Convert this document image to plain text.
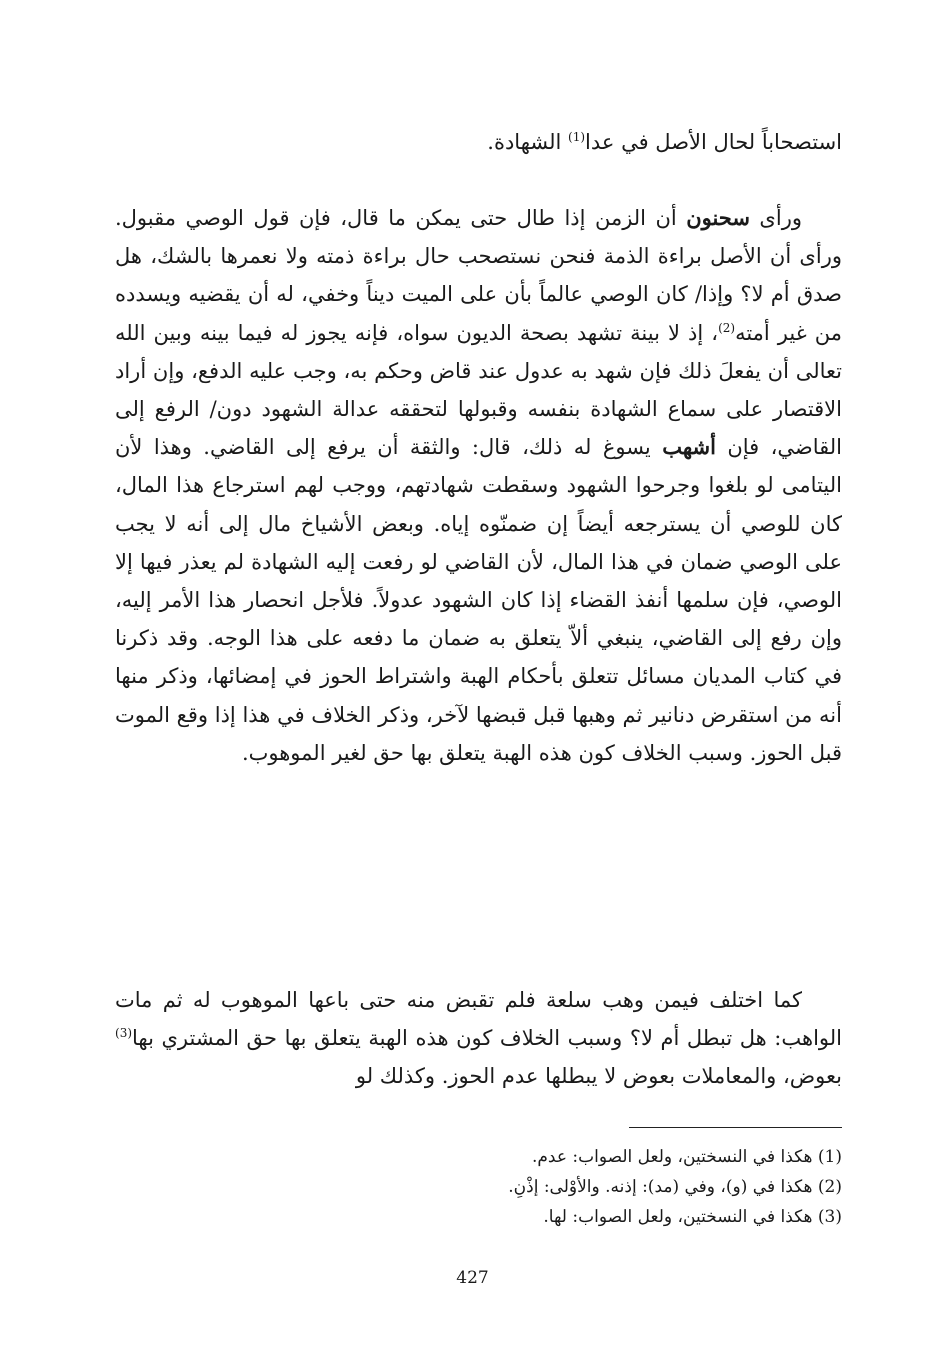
استصحاباً لحال الأصل في عدا$^{(1)}$ الشهادة.

ورأى سحنون أن الزمن إذا طال حتى يمكن ما قال، فإن قول الوصي مقبول. ورأى أن الأصل براءة الذمة فنحن نستصحب حال براءة ذمته ولا نعمرها بالشك، هل صدق أم لا؟ وإذا/ كان الوصي عالماً بأن على الميت ديناً وخفي، له أن يقضيه ويسدده من غير أمته$^{(2)}$، إذ لا بينة تشهد بصحة الديون سواه، فإنه يجوز له فيما بينه وبين الله تعالى أن يفعلَ ذلك فإن شهد به عدول عند قاض وحكم به، وجب عليه الدفع، وإن أراد الاقتصار على سماع الشهادة بنفسه وقبولها لتحققه عدالة الشهود دون/ الرفع إلى القاضي، فإن أشهب يسوغ له ذلك، قال: والثقة أن يرفع إلى القاضي. وهذا لأن اليتامى لو بلغوا وجرحوا الشهود وسقطت شهادتهم، ووجب لهم استرجاع هذا المال، كان للوصي أن يسترجعه أيضاً إن ضمنّوه إياه. وبعض الأشياخ مال إلى أنه لا يجب على الوصي ضمان في هذا المال، لأن القاضي لو رفعت إليه الشهادة لم يعذر فيها إلا الوصي، فإن سلمها أنفذ القضاء إذا كان الشهود عدولاً. فلأجل انحصار هذا الأمر إليه، وإن رفع إلى القاضي، ينبغي ألاّ يتعلق به ضمان ما دفعه على هذا الوجه. وقد ذكرنا في كتاب المديان مسائل تتعلق بأحكام الهبة واشتراط الحوز في إمضائها، وذكر منها أنه من استقرض دنانير ثم وهبها قبل قبضها لآخر، وذكر الخلاف في هذا إذا وقع الموت قبل الحوز. وسبب الخلاف كون هذه الهبة يتعلق بها حق لغير الموهوب.

كما اختلف فيمن وهب سلعة فلم تقبض منه حتى باعها الموهوب له ثم مات الواهب: هل تبطل أم لا؟ وسبب الخلاف كون هذه الهبة يتعلق بها حق المشتري بها$^{(3)}$ بعوض، والمعاملات بعوض لا يبطلها عدم الحوز. وكذلك لو

(1) هكذا في النسختين، ولعل الصواب: عدم.

(2) هكذا في (و)، وفي (مد): إذنه. والأوْلى: إذْنِ.

(3) هكذا في النسختين، ولعل الصواب: لها.

427
